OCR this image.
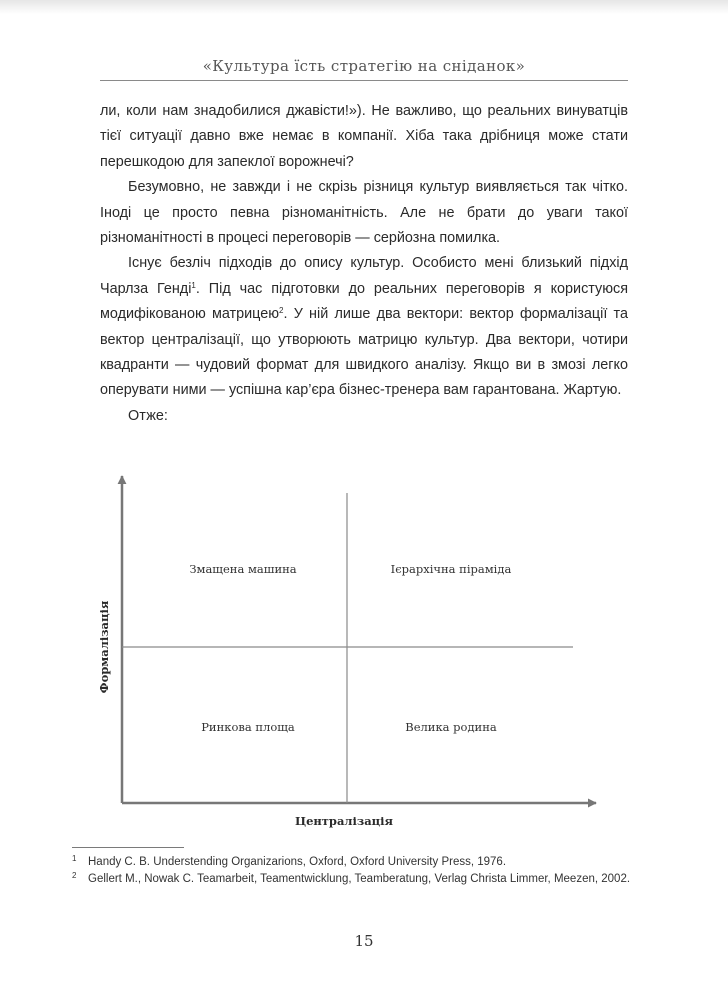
«Культура їсть стратегію на сніданок»

ли, коли нам знадобилися джавісти!»). Не важливо, що реальних винуватців тієї ситуації давно вже немає в компанії. Хіба така дрібниця може стати перешкодою для запеклої ворожнечі?

Безумовно, не завжди і не скрізь різниця культур виявляється так чітко. Іноді це просто певна різноманітність. Але не брати до уваги такої різноманітності в процесі переговорів — серйозна помилка.

Існує безліч підходів до опису культур. Особисто мені близький підхід Чарлза Генді$^1$. Під час підготовки до реальних переговорів я користуюся модифікованою матрицею$^2$. У ній лише два вектори: вектор формалізації та вектор централізації, що утворюють матрицю культур. Два вектори, чотири квадранти — чудовий формат для швидкого аналізу. Якщо ви в змозі легко оперувати ними — успішна кар’єра бізнес-тренера вам гарантована. Жартую.

Отже:

Змащена машина	Ієрархічна піраміда
Ринкова площа	Велика родина
Формалізація
Централізація
1 Handy C. B. Understending Organizarions, Oxford, Oxford University Press, 1976.
2 Gellert M., Nowak C. Teamarbeit, Teamentwicklung, Teamberatung, Verlag Christa Limmer, Meezen, 2002.
15
